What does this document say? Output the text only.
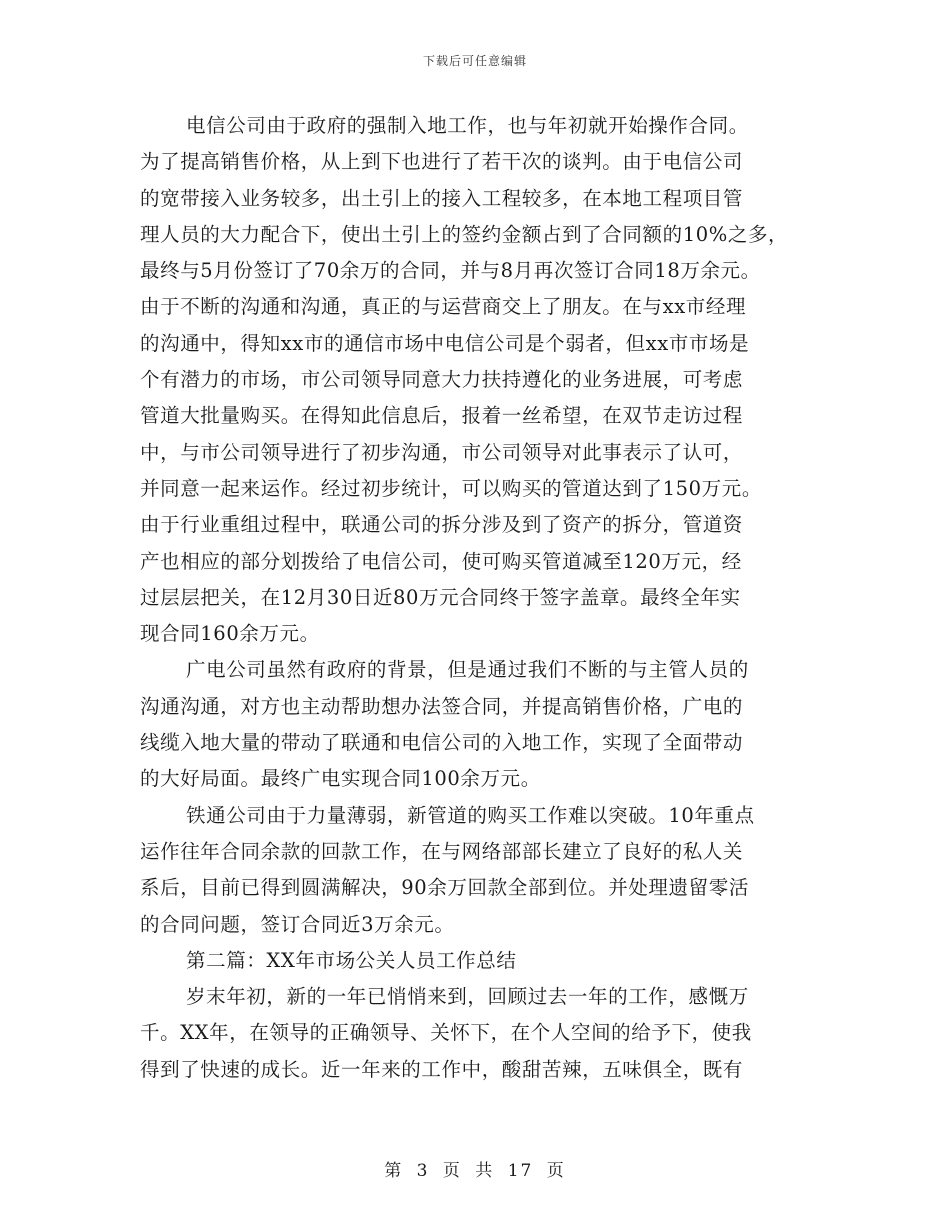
下载后可任意编辑
电信公司由于政府的强制入地工作，也与年初就开始操作合同。
为了提高销售价格，从上到下也进行了若干次的谈判。由于电信公司
的宽带接入业务较多，出土引上的接入工程较多，在本地工程项目管
理人员的大力配合下，使出土引上的签约金额占到了合同额的10%之多，
最终与5月份签订了70余万的合同，并与8月再次签订合同18万余元。
由于不断的沟通和沟通，真正的与运营商交上了朋友。在与xx市经理
的沟通中，得知xx市的通信市场中电信公司是个弱者，但xx市市场是
个有潜力的市场，市公司领导同意大力扶持遵化的业务进展，可考虑
管道大批量购买。在得知此信息后，报着一丝希望，在双节走访过程
中，与市公司领导进行了初步沟通，市公司领导对此事表示了认可，
并同意一起来运作。经过初步统计，可以购买的管道达到了150万元。
由于行业重组过程中，联通公司的拆分涉及到了资产的拆分，管道资
产也相应的部分划拨给了电信公司，使可购买管道减至120万元，经
过层层把关，在12月30日近80万元合同终于签字盖章。最终全年实
现合同160余万元。
广电公司虽然有政府的背景，但是通过我们不断的与主管人员的
沟通沟通，对方也主动帮助想办法签合同，并提高销售价格，广电的
线缆入地大量的带动了联通和电信公司的入地工作，实现了全面带动
的大好局面。最终广电实现合同100余万元。
铁通公司由于力量薄弱，新管道的购买工作难以突破。10年重点
运作往年合同余款的回款工作，在与网络部部长建立了良好的私人关
系后，目前已得到圆满解决，90余万回款全部到位。并处理遗留零活
的合同问题，签订合同近3万余元。
第二篇：XX年市场公关人员工作总结
岁末年初，新的一年已悄悄来到，回顾过去一年的工作，感慨万
千。XX年，在领导的正确领导、关怀下，在个人空间的给予下，使我
得到了快速的成长。近一年来的工作中，酸甜苦辣，五味俱全，既有
第 3 页 共 17 页
